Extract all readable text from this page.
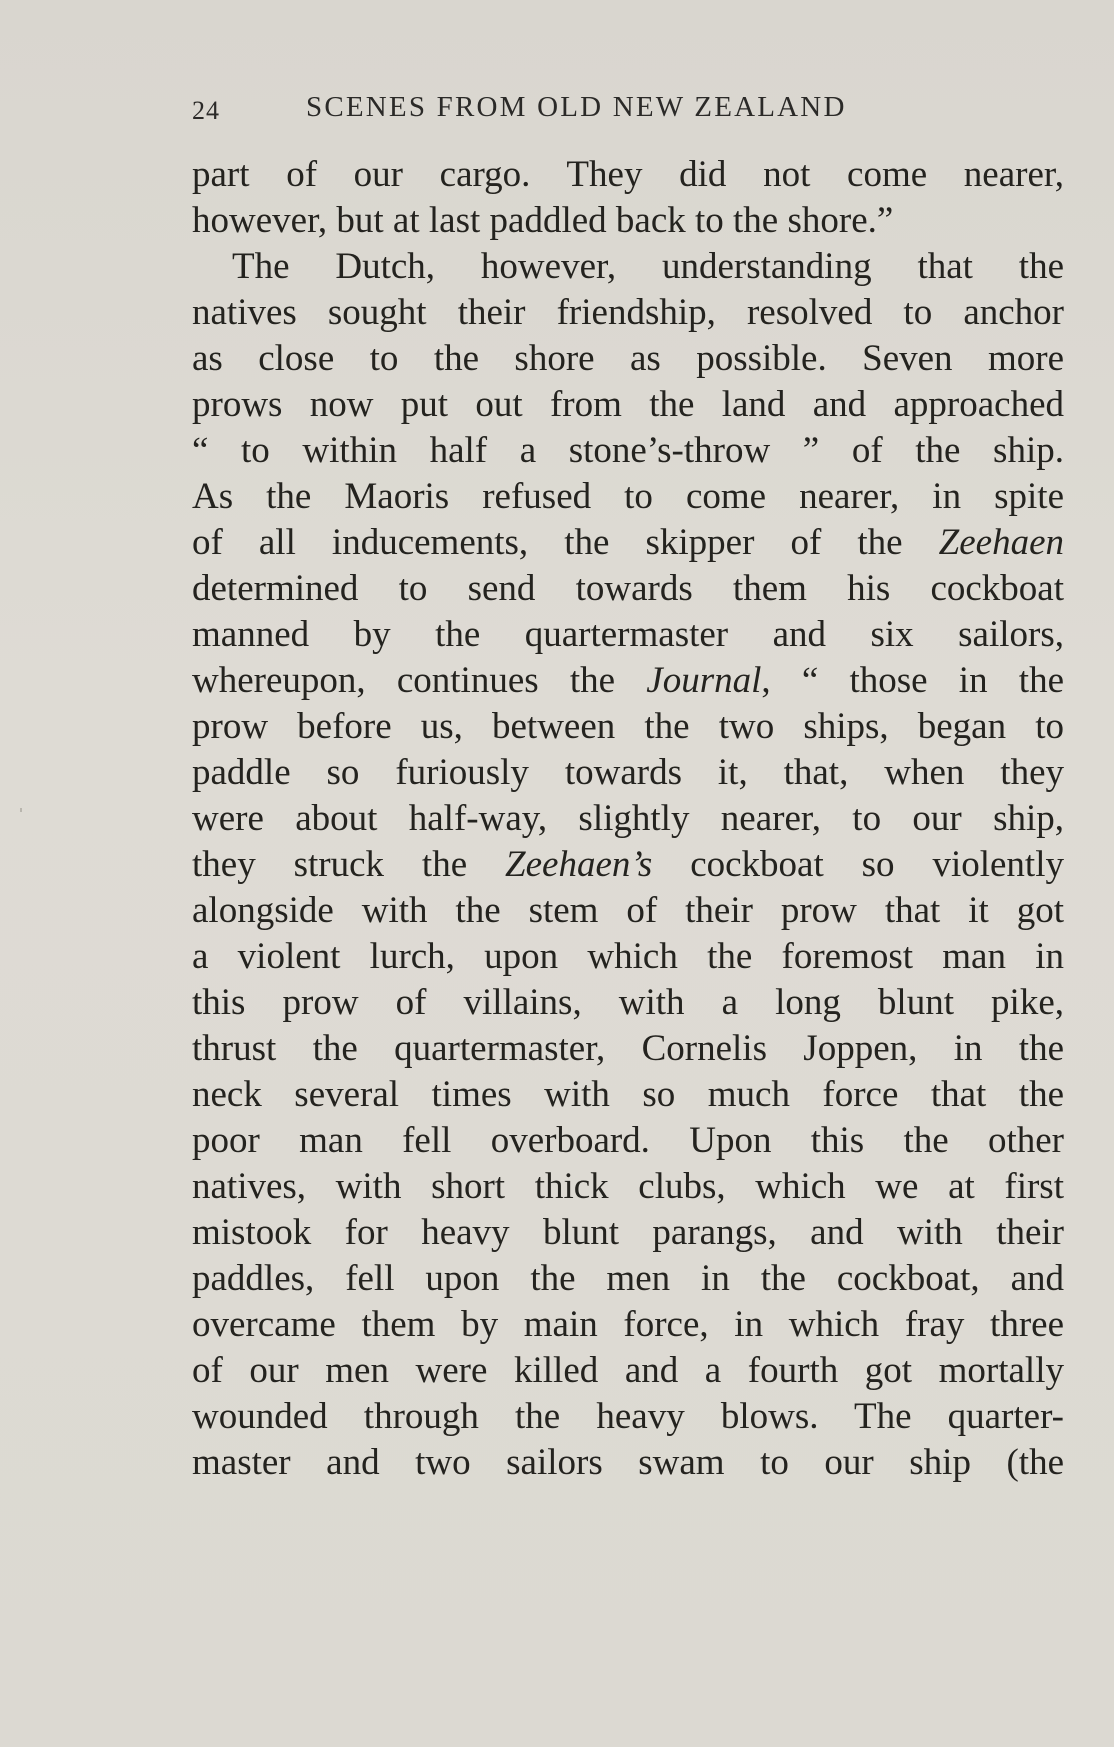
24	SCENES FROM OLD NEW ZEALAND
part of our cargo. They did not come nearer,
however, but at last paddled back to the shore.”
The Dutch, however, understanding that the
natives sought their friendship, resolved to anchor
as close to the shore as possible. Seven more
prows now put out from the land and approached
“ to within half a stone’s-throw ” of the ship.
As the Maoris refused to come nearer, in spite
of all inducements, the skipper of the Zeehaen
determined to send towards them his cockboat
manned by the quartermaster and six sailors,
whereupon, continues the Journal, “ those in the
prow before us, between the two ships, began to
paddle so furiously towards it, that, when they
were about half-way, slightly nearer, to our ship,
they struck the Zeehaen’s cockboat so violently
alongside with the stem of their prow that it got
a violent lurch, upon which the foremost man in
this prow of villains, with a long blunt pike,
thrust the quartermaster, Cornelis Joppen, in the
neck several times with so much force that the
poor man fell overboard. Upon this the other
natives, with short thick clubs, which we at first
mistook for heavy blunt parangs, and with their
paddles, fell upon the men in the cockboat, and
overcame them by main force, in which fray three
of our men were killed and a fourth got mortally
wounded through the heavy blows. The quarter-
master and two sailors swam to our ship (the
